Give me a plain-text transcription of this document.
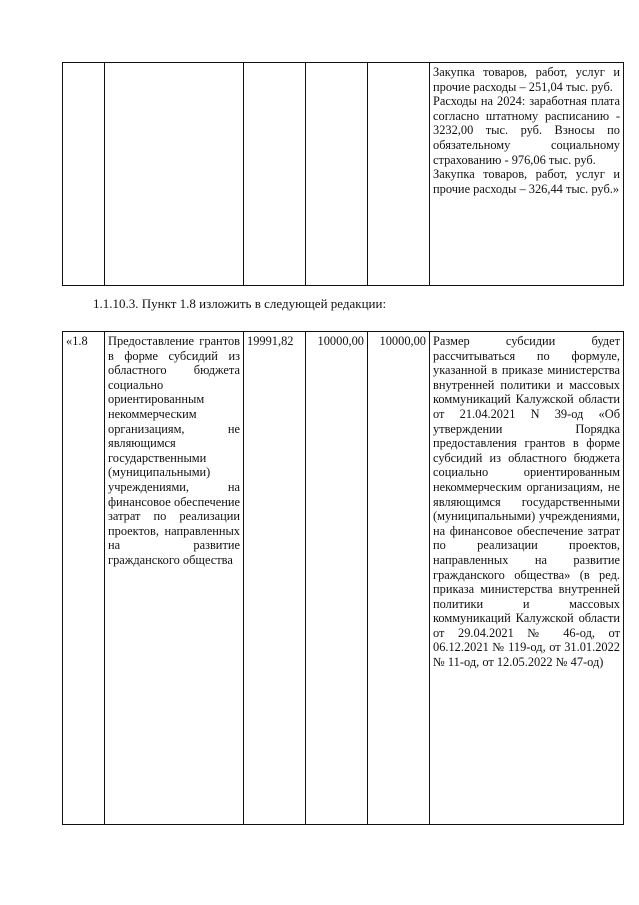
Закупка товаров, работ, услуг и прочие расходы – 251,04 тыс. руб.
Расходы на 2024: заработная плата согласно штатному расписанию - 3232,00 тыс. руб. Взносы по обязательному социальному страхованию - 976,06 тыс. руб.
Закупка товаров, работ, услуг и прочие расходы – 326,44 тыс. руб.»

1.1.10.3. Пункт 1.8 изложить в следующей редакции:

«1.8	Предоставление грантов в форме субсидий из областного бюджета социально ориентированным некоммерческим организациям, не являющимся государственными (муниципальными) учреждениями, на финансовое обеспечение затрат по реализации проектов, направленных на развитие гражданского общества	19991,82	10000,00	10000,00	Размер субсидии будет рассчитываться по формуле, указанной в приказе министерства внутренней политики и массовых коммуникаций Калужской области от 21.04.2021 N 39-од «Об утверждении Порядка предоставления грантов в форме субсидий из областного бюджета социально ориентированным некоммерческим организациям, не являющимся государственными (муниципальными) учреждениями, на финансовое обеспечение затрат по реализации проектов, направленных на развитие гражданского общества» (в ред. приказа министерства внутренней политики и массовых коммуникаций Калужской области от 29.04.2021 № 46-од, от 06.12.2021 № 119-од, от 31.01.2022 № 11-од, от 12.05.2022 № 47-од)
